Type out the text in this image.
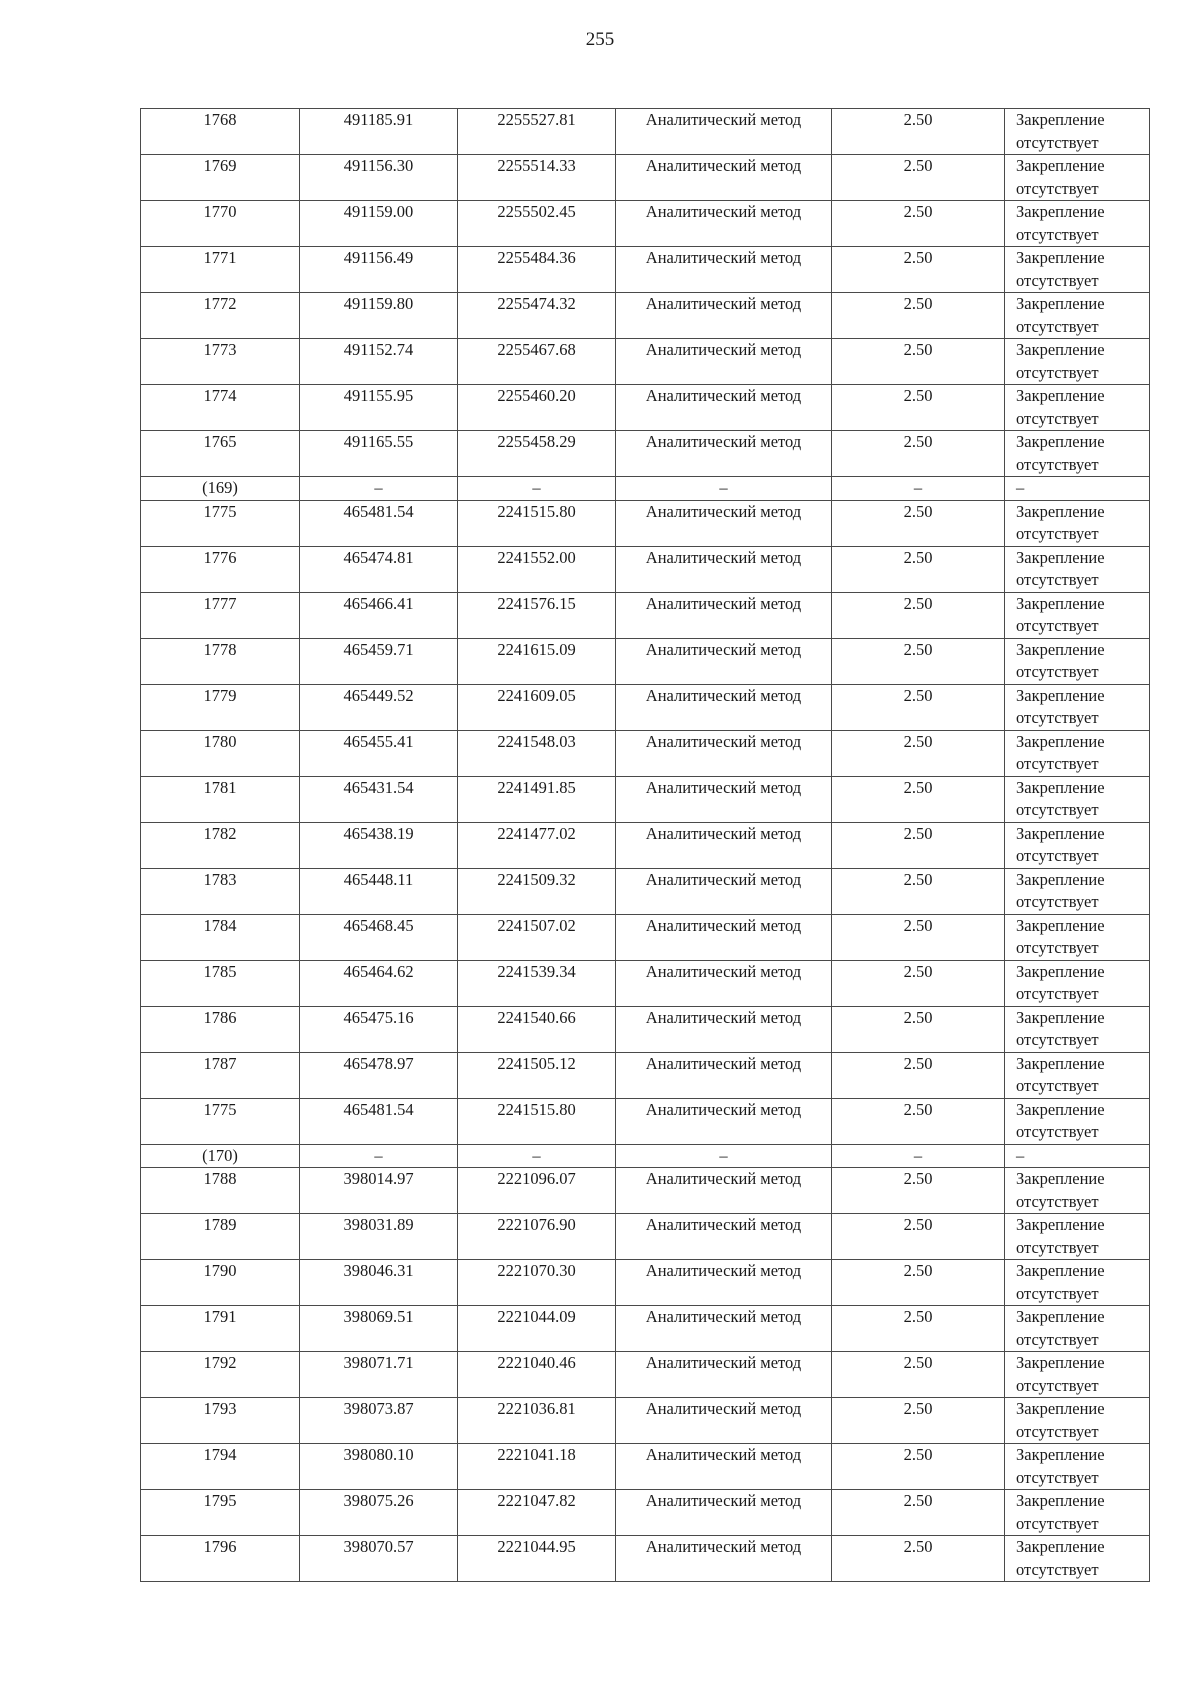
255
1768	491185.91	2255527.81	Аналитический метод	2.50	Закрепление отсутствует
1769	491156.30	2255514.33	Аналитический метод	2.50	Закрепление отсутствует
1770	491159.00	2255502.45	Аналитический метод	2.50	Закрепление отсутствует
1771	491156.49	2255484.36	Аналитический метод	2.50	Закрепление отсутствует
1772	491159.80	2255474.32	Аналитический метод	2.50	Закрепление отсутствует
1773	491152.74	2255467.68	Аналитический метод	2.50	Закрепление отсутствует
1774	491155.95	2255460.20	Аналитический метод	2.50	Закрепление отсутствует
1765	491165.55	2255458.29	Аналитический метод	2.50	Закрепление отсутствует
(169)	–	–	–	–	–
1775	465481.54	2241515.80	Аналитический метод	2.50	Закрепление отсутствует
1776	465474.81	2241552.00	Аналитический метод	2.50	Закрепление отсутствует
1777	465466.41	2241576.15	Аналитический метод	2.50	Закрепление отсутствует
1778	465459.71	2241615.09	Аналитический метод	2.50	Закрепление отсутствует
1779	465449.52	2241609.05	Аналитический метод	2.50	Закрепление отсутствует
1780	465455.41	2241548.03	Аналитический метод	2.50	Закрепление отсутствует
1781	465431.54	2241491.85	Аналитический метод	2.50	Закрепление отсутствует
1782	465438.19	2241477.02	Аналитический метод	2.50	Закрепление отсутствует
1783	465448.11	2241509.32	Аналитический метод	2.50	Закрепление отсутствует
1784	465468.45	2241507.02	Аналитический метод	2.50	Закрепление отсутствует
1785	465464.62	2241539.34	Аналитический метод	2.50	Закрепление отсутствует
1786	465475.16	2241540.66	Аналитический метод	2.50	Закрепление отсутствует
1787	465478.97	2241505.12	Аналитический метод	2.50	Закрепление отсутствует
1775	465481.54	2241515.80	Аналитический метод	2.50	Закрепление отсутствует
(170)	–	–	–	–	–
1788	398014.97	2221096.07	Аналитический метод	2.50	Закрепление отсутствует
1789	398031.89	2221076.90	Аналитический метод	2.50	Закрепление отсутствует
1790	398046.31	2221070.30	Аналитический метод	2.50	Закрепление отсутствует
1791	398069.51	2221044.09	Аналитический метод	2.50	Закрепление отсутствует
1792	398071.71	2221040.46	Аналитический метод	2.50	Закрепление отсутствует
1793	398073.87	2221036.81	Аналитический метод	2.50	Закрепление отсутствует
1794	398080.10	2221041.18	Аналитический метод	2.50	Закрепление отсутствует
1795	398075.26	2221047.82	Аналитический метод	2.50	Закрепление отсутствует
1796	398070.57	2221044.95	Аналитический метод	2.50	Закрепление отсутствует
